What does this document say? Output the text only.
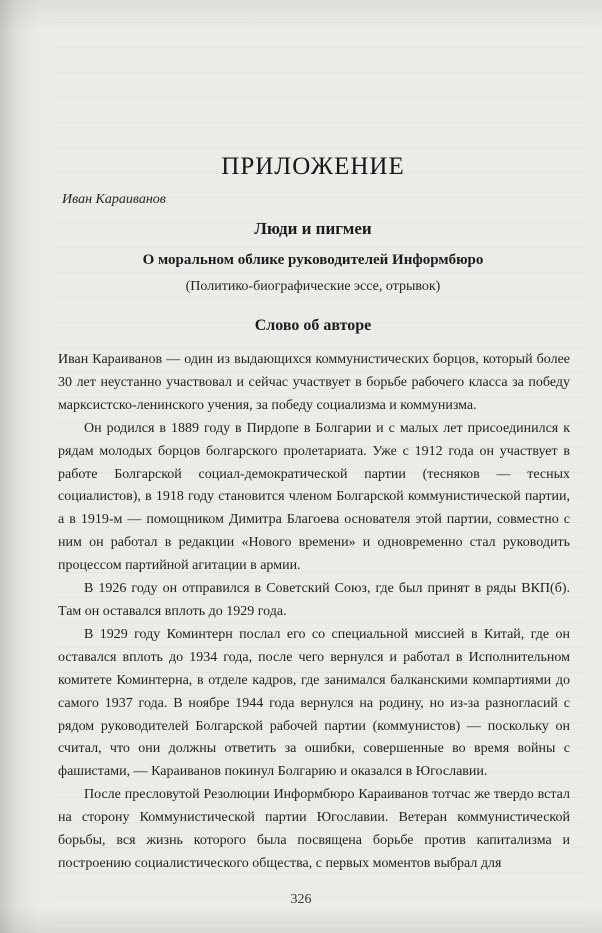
ПРИЛОЖЕНИЕ
Иван Караиванов
Люди и пигмеи
О моральном облике руководителей Информбюро
(Политико-биографические эссе, отрывок)
Слово об авторе

Иван Караиванов — один из выдающихся коммунистических борцов, который более 30 лет неустанно участвовал и сейчас участвует в борьбе рабочего класса за победу марксистско-ленинского учения, за победу социализма и коммунизма.

Он родился в 1889 году в Пирдопе в Болгарии и с малых лет присоединился к рядам молодых борцов болгарского пролетариата. Уже с 1912 года он участвует в работе Болгарской социал-демократической партии (тесняков — тесных социалистов), в 1918 году становится членом Болгарской коммунистической партии, а в 1919-м — помощником Димитра Благоева основателя этой партии, совместно с ним он работал в редакции «Нового времени» и одновременно стал руководить процессом партийной агитации в армии.

В 1926 году он отправился в Советский Союз, где был принят в ряды ВКП(б). Там он оставался вплоть до 1929 года.

В 1929 году Коминтерн послал его со специальной миссией в Китай, где он оставался вплоть до 1934 года, после чего вернулся и работал в Исполнительном комитете Коминтерна, в отделе кадров, где занимался балканскими компартиями до самого 1937 года. В ноябре 1944 года вернулся на родину, но из-за разногласий с рядом руководителей Болгарской рабочей партии (коммунистов) — поскольку он считал, что они должны ответить за ошибки, совершенные во время войны с фашистами, — Караиванов покинул Болгарию и оказался в Югославии.

После пресловутой Резолюции Информбюро Караиванов тотчас же твердо встал на сторону Коммунистической партии Югославии. Ветеран коммунистической борьбы, вся жизнь которого была посвящена борьбе против капитализма и построению социалистического общества, с первых моментов выбрал для

326
